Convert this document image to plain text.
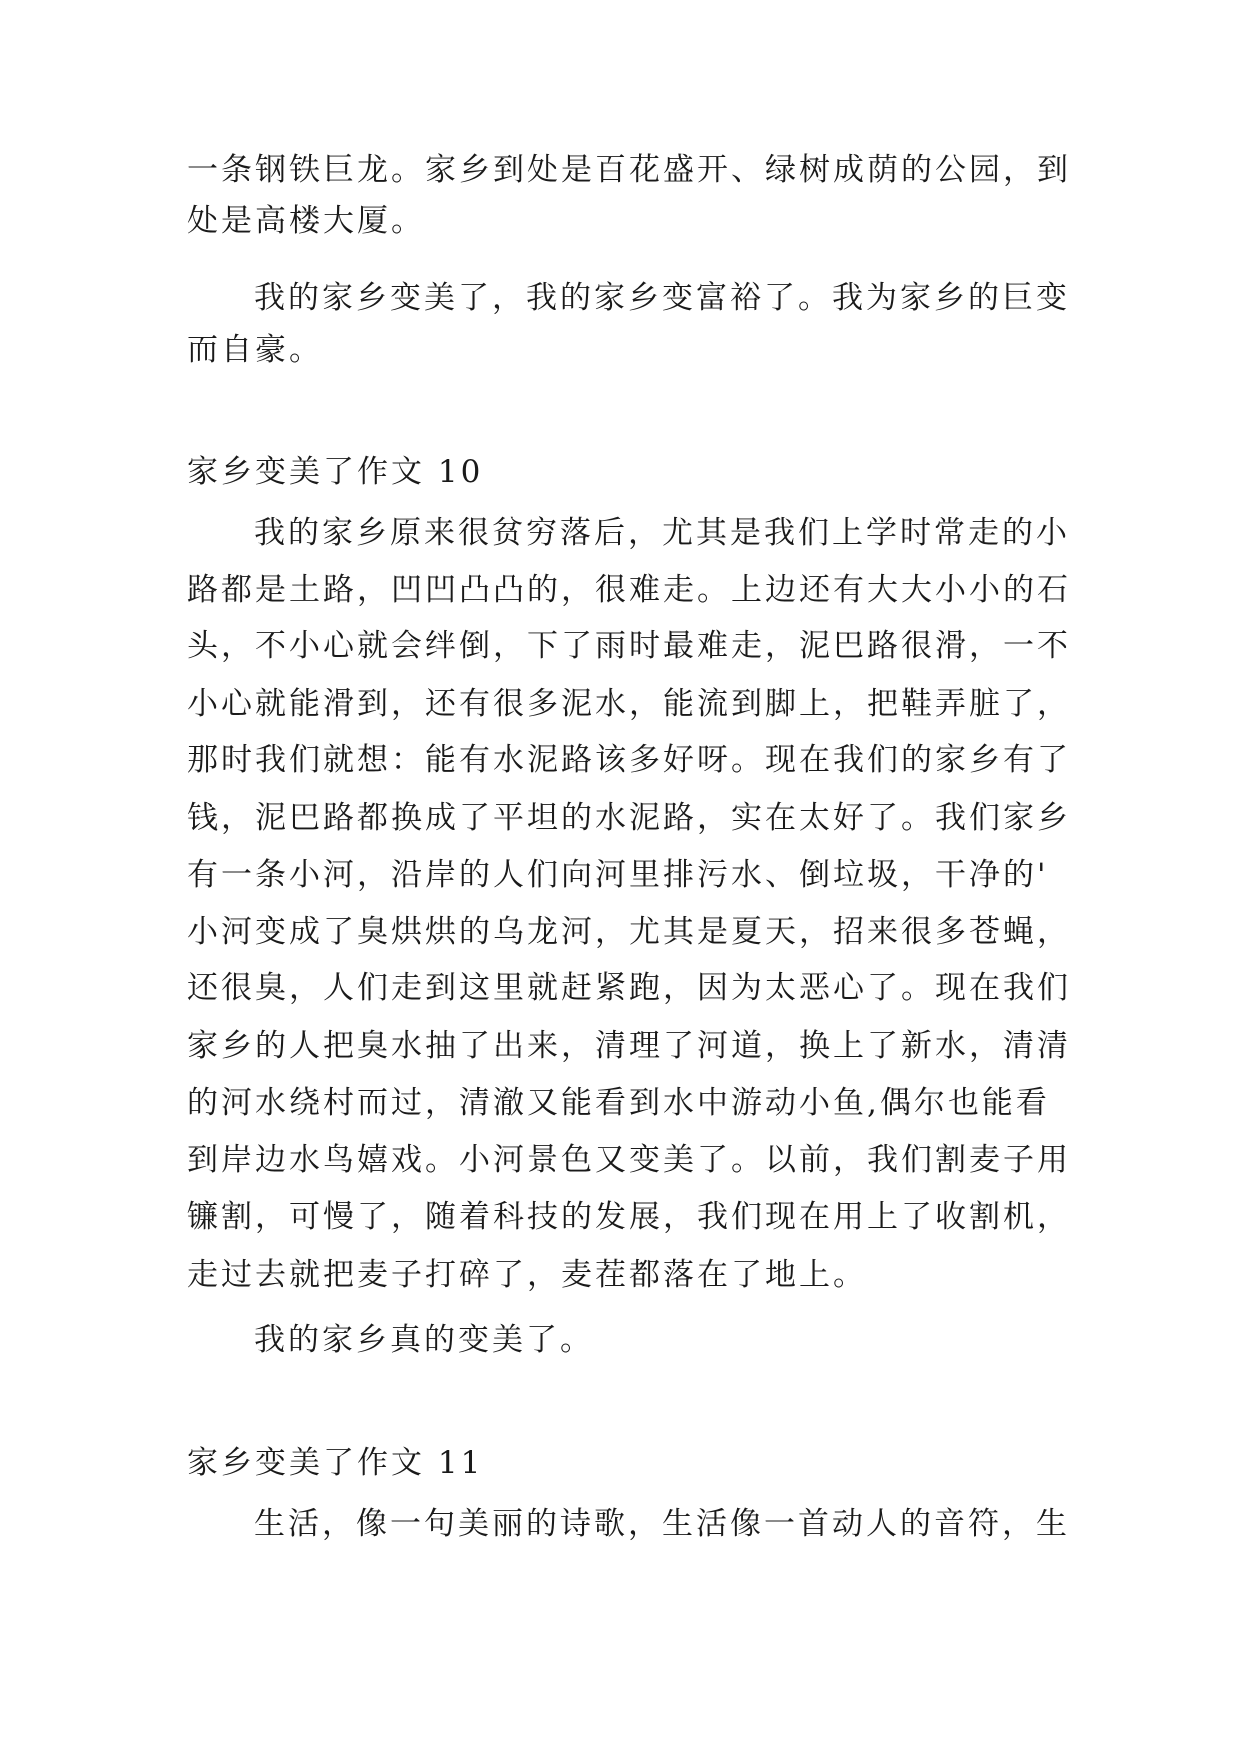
一条钢铁巨龙。家乡到处是百花盛开、绿树成荫的公园，到
处是高楼大厦。
我的家乡变美了，我的家乡变富裕了。我为家乡的巨变
而自豪。
家乡变美了作文 10
我的家乡原来很贫穷落后，尤其是我们上学时常走的小
路都是土路，凹凹凸凸的，很难走。上边还有大大小小的石
头，不小心就会绊倒，下了雨时最难走，泥巴路很滑，一不
小心就能滑到，还有很多泥水，能流到脚上，把鞋弄脏了，
那时我们就想：能有水泥路该多好呀。现在我们的家乡有了
钱，泥巴路都换成了平坦的水泥路，实在太好了。我们家乡
有一条小河，沿岸的人们向河里排污水、倒垃圾，干净的'
小河变成了臭烘烘的乌龙河，尤其是夏天，招来很多苍蝇，
还很臭，人们走到这里就赶紧跑，因为太恶心了。现在我们
家乡的人把臭水抽了出来，清理了河道，换上了新水，清清
的河水绕村而过，清澈又能看到水中游动小鱼,偶尔也能看
到岸边水鸟嬉戏。小河景色又变美了。以前，我们割麦子用
镰割，可慢了，随着科技的发展，我们现在用上了收割机，
走过去就把麦子打碎了，麦茬都落在了地上。
我的家乡真的变美了。
家乡变美了作文 11
生活，像一句美丽的诗歌，生活像一首动人的音符，生
